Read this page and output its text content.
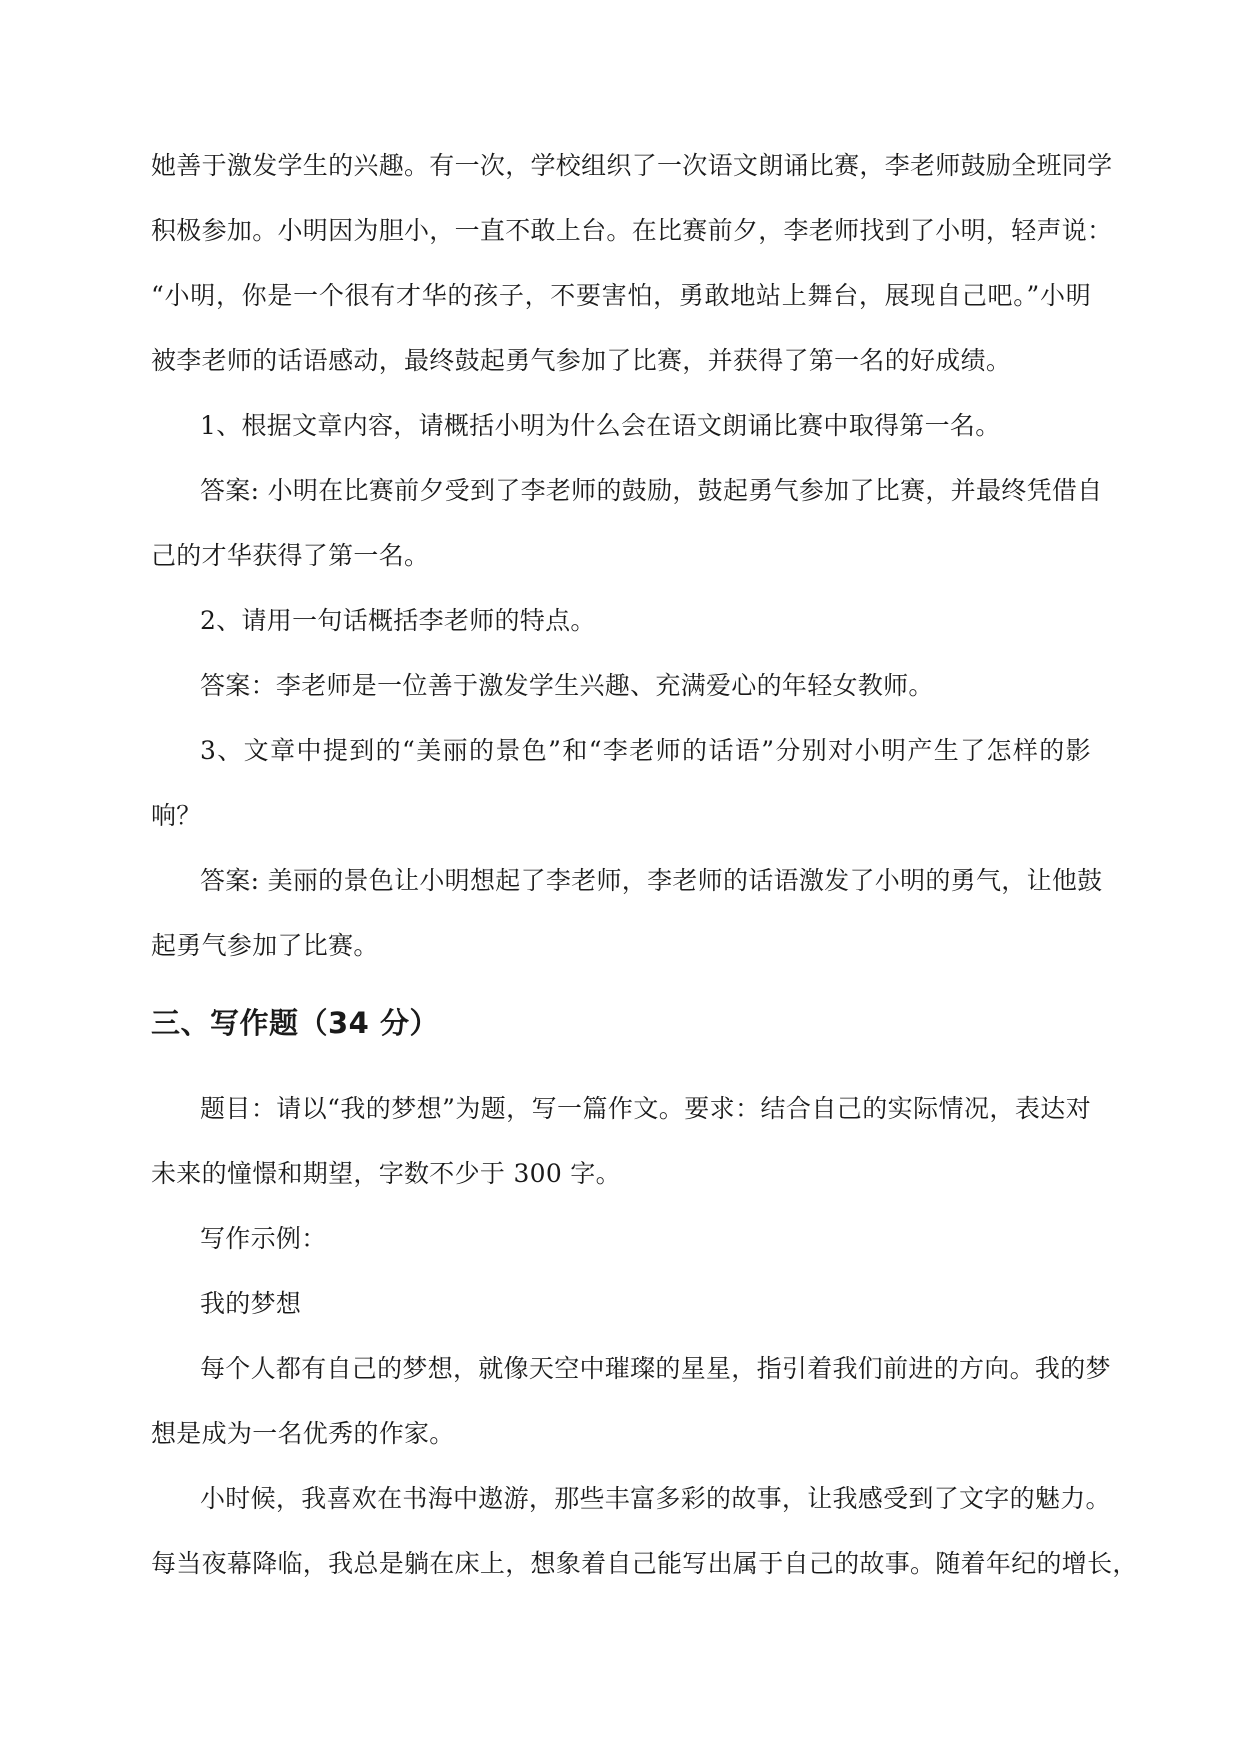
她善于激发学生的兴趣。有一次，学校组织了一次语文朗诵比赛，李老师鼓励全班同学
积极参加。小明因为胆小，一直不敢上台。在比赛前夕，李老师找到了小明，轻声说：
“小明，你是一个很有才华的孩子，不要害怕，勇敢地站上舞台，展现自己吧。”小明
被李老师的话语感动，最终鼓起勇气参加了比赛，并获得了第一名的好成绩。
1、根据文章内容，请概括小明为什么会在语文朗诵比赛中取得第一名。
答案: 小明在比赛前夕受到了李老师的鼓励，鼓起勇气参加了比赛，并最终凭借自
己的才华获得了第一名。
2、请用一句话概括李老师的特点。
答案：李老师是一位善于激发学生兴趣、充满爱心的年轻女教师。
3、文章中提到的“美丽的景色”和“李老师的话语”分别对小明产生了怎样的影
响？
答案: 美丽的景色让小明想起了李老师，李老师的话语激发了小明的勇气，让他鼓
起勇气参加了比赛。
三、写作题（34 分）
题目：请以“我的梦想”为题，写一篇作文。要求：结合自己的实际情况，表达对
未来的憧憬和期望，字数不少于 300 字。
写作示例：
我的梦想
每个人都有自己的梦想，就像天空中璀璨的星星，指引着我们前进的方向。我的梦
想是成为一名优秀的作家。
小时候，我喜欢在书海中遨游，那些丰富多彩的故事，让我感受到了文字的魅力。
每当夜幕降临，我总是躺在床上，想象着自己能写出属于自己的故事。随着年纪的增长，
